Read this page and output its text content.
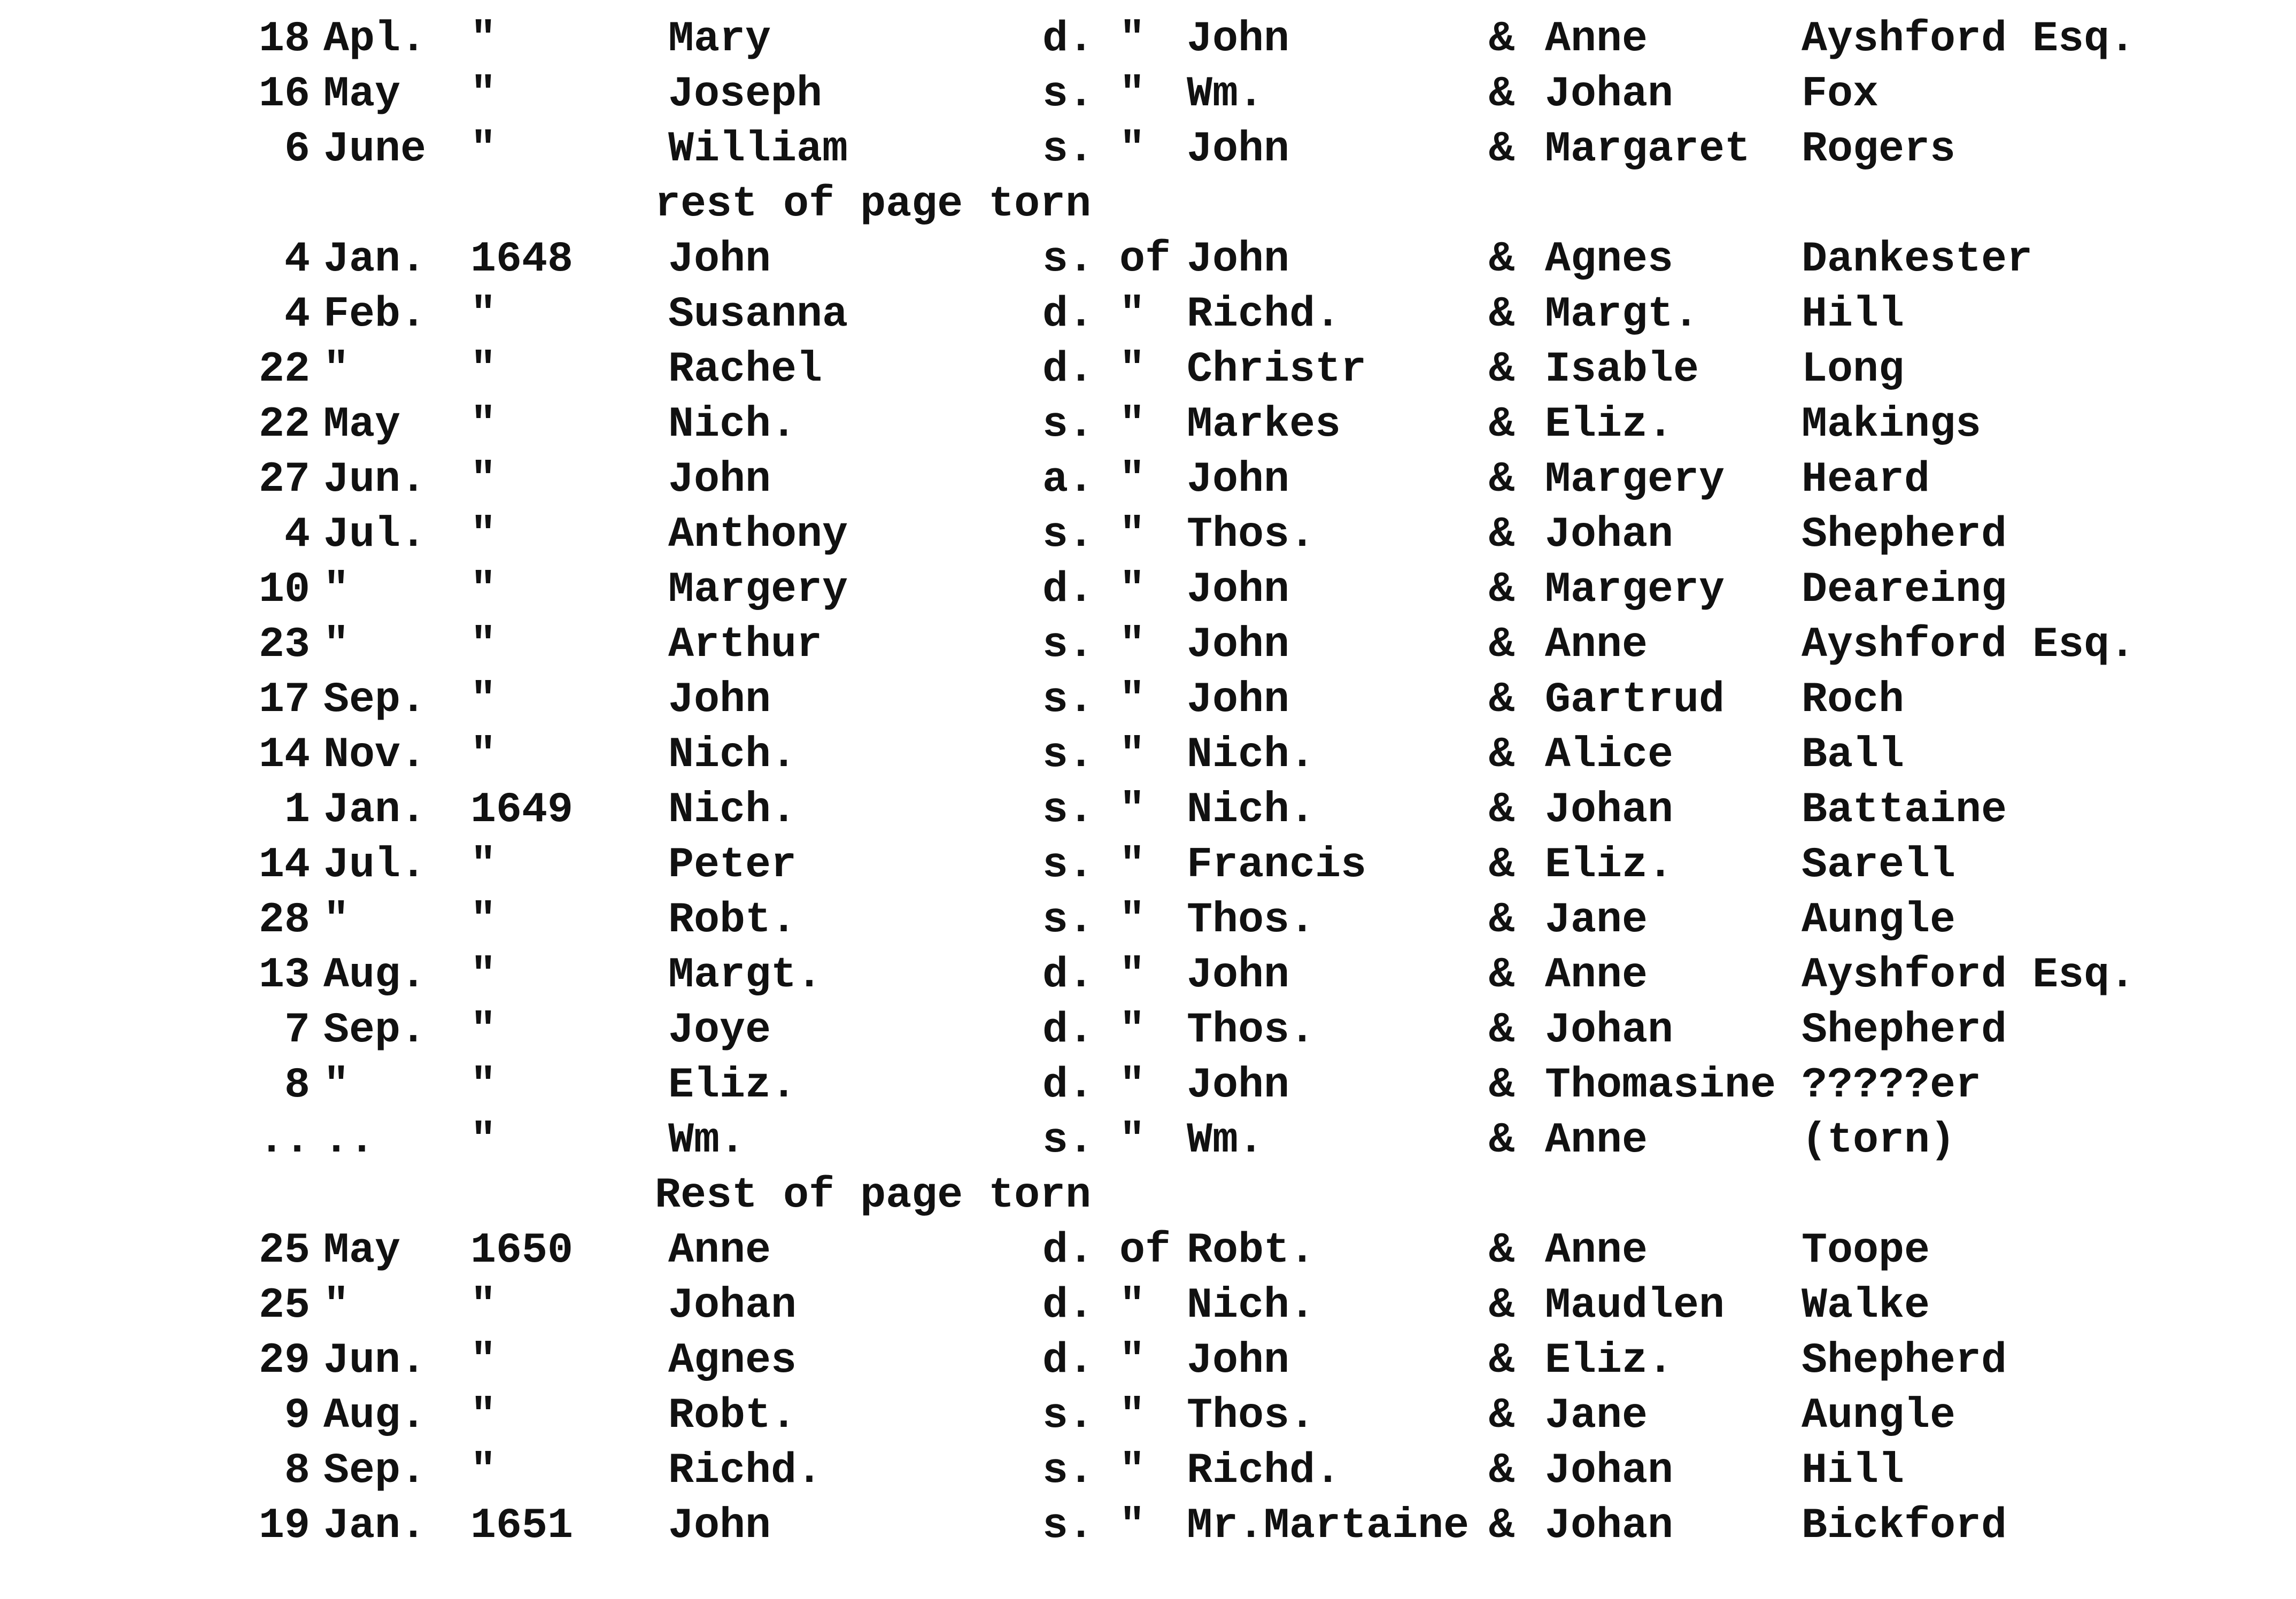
18 Apl. "	Mary	d. " John	& Anne	Ayshford Esq.
16 May "	Joseph	s. " Wm.	& Johan	Fox
6 June "	William	s. " John	& Margaret Rogers
rest of page torn
4 Jan. 1648 John	s. of John	& Agnes	Dankester
4 Feb. "	Susanna	d. " Richd.	& Margt. Hill
22 "	"	Rachel	d. " Christr	& Isable Long
22 May "	Nich.	s. " Markes	& Eliz.	Makings
27 Jun. "	John	a. " John	& Margery Heard
4 Jul. "	Anthony	s. " Thos.	& Johan	Shepherd
10 "	"	Margery	d. " John	& Margery Deareing
23 "	"	Arthur	s. " John	& Anne	Ayshford Esq.
17 Sep. "	John	s. " John	& Gartrud Roch
14 Nov. "	Nich.	s. " Nich.	& Alice	Ball
1 Jan. 1649 Nich.	s. " Nich.	& Johan	Battaine
14 Jul. "	Peter	s. " Francis	& Eliz.	Sarell
28 "	"	Robt.	s. " Thos.	& Jane	Aungle
13 Aug. "	Margt.	d. " John	& Anne	Ayshford Esq.
7 Sep. "	Joye	d. " Thos.	& Johan	Shepherd
8 "	"	Eliz.	d. " John	& Thomasine ?????er
.. .. "	Wm.	s. " Wm.	& Anne	(torn)
Rest of page torn
25 May 1650 Anne	d. of Robt.	& Anne	Toope
25 "	"	Johan	d. " Nich.	& Maudlen Walke
29 Jun. "	Agnes	d. " John	& Eliz.	Shepherd
9 Aug. "	Robt.	s. " Thos.	& Jane	Aungle
8 Sep. "	Richd.	s. " Richd.	& Johan	Hill
19 Jan. 1651 John	s. " Mr.Martaine & Johan	Bickford
